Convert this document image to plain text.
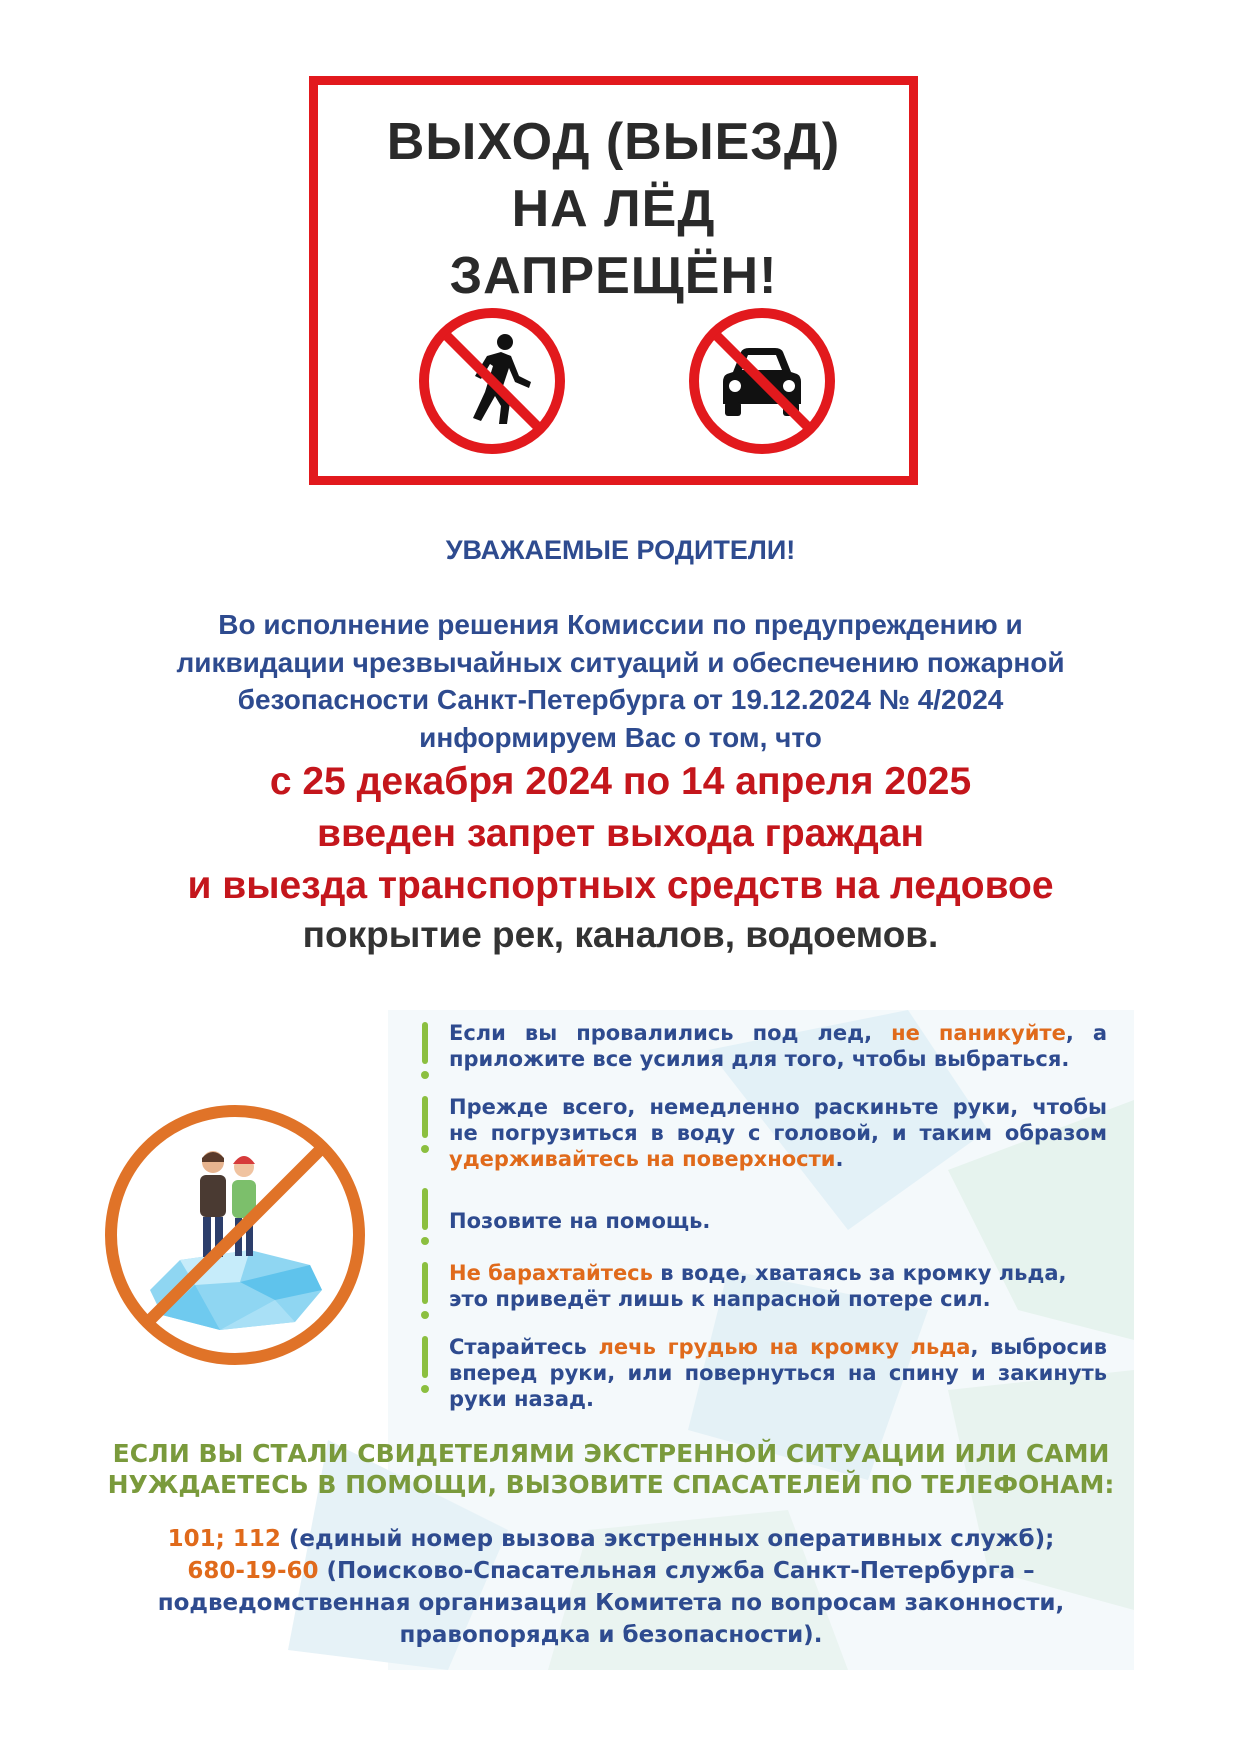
ВЫХОД (ВЫЕЗД)
НА ЛЁД
ЗАПРЕЩЁН!
УВАЖАЕМЫЕ РОДИТЕЛИ!
Во исполнение решения Комиссии по предупреждению и
ликвидации чрезвычайных ситуаций и обеспечению пожарной
безопасности Санкт-Петербурга от 19.12.2024 № 4/2024
информируем Вас о том, что
с 25 декабря 2024 по 14 апреля 2025
введен запрет выхода граждан
и выезда транспортных средств на ледовое
покрытие рек, каналов, водоемов.

Если вы провалились под лед, не паникуйте, а приложите все усилия для того, чтобы выбраться.

Прежде всего, немедленно раскиньте руки, чтобы не погрузиться в воду с головой, и таким образом удерживайтесь на поверхности.

Позовите на помощь.

Не барахтайтесь в воде, хватаясь за кромку льда, это приведёт лишь к напрасной потере сил.

Старайтесь лечь грудью на кромку льда, выбросив вперед руки, или повернуться на спину и закинуть руки назад.

ЕСЛИ ВЫ СТАЛИ СВИДЕТЕЛЯМИ ЭКСТРЕННОЙ СИТУАЦИИ ИЛИ САМИ
НУЖДАЕТЕСЬ В ПОМОЩИ, ВЫЗОВИТЕ СПАСАТЕЛЕЙ ПО ТЕЛЕФОНАМ:
101; 112 (единый номер вызова экстренных оперативных служб);
680-19-60 (Поисково-Спасательная служба Санкт-Петербурга –
подведомственная организация Комитета по вопросам законности,
правопорядка и безопасности).
